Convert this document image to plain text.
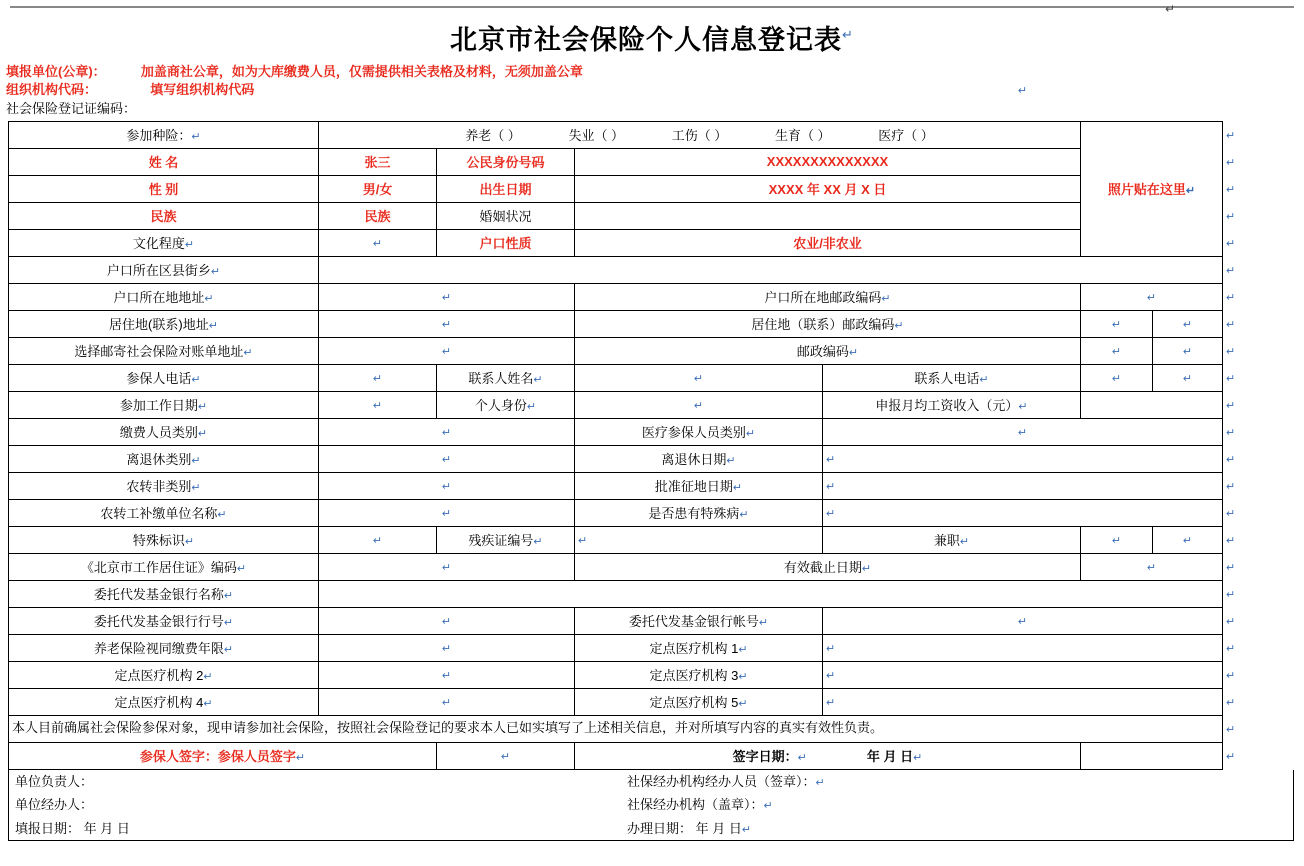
↵
北京市社会保险个人信息登记表↵
填报单位(公章)：	加盖商社公章，如为大库缴费人员，仅需提供相关表格及材料，无须加盖公章
组织机构代码：	填写组织机构代码	↵
社会保险登记证编码：
参加种险：↵	养老（ ） 失业（ ） 工伤（ ） 生育（ ） 医疗（ ）				照片贴在这里↵		↵
姓 名	张三	公民身份号码	XXXXXXXXXXXXXX				↵
性 别	男/女	出生日期	XXXX 年 XX 月 X 日				↵
民族	民族	婚姻状况					↵
文化程度↵	↵	户口性质	农业/非农业				↵
户口所在区县街乡↵							↵
户口所在地地址↵	↵		户口所在地邮政编码↵		↵		↵
居住地(联系)地址↵	↵		居住地（联系）邮政编码↵		↵	↵	↵
选择邮寄社会保险对账单地址↵	↵		邮政编码↵		↵	↵	↵
参保人电话↵	↵	联系人姓名↵	↵	联系人电话↵	↵	↵	↵
参加工作日期↵	↵	个人身份↵	↵	申报月均工资收入（元）↵			↵
缴费人员类别↵	↵		医疗参保人员类别↵	↵			↵
离退休类别↵	↵		离退休日期↵	↵			↵
农转非类别↵	↵		批准征地日期↵	↵			↵
农转工补缴单位名称↵	↵		是否患有特殊病↵	↵			↵
特殊标识↵	↵	残疾证编号↵	↵	兼职↵	↵	↵	↵
《北京市工作居住证》编码↵	↵		有效截止日期↵		↵		↵
委托代发基金银行名称↵							↵
委托代发基金银行行号↵	↵		委托代发基金银行帐号↵	↵			↵
养老保险视同缴费年限↵	↵		定点医疗机构 1↵	↵			↵
定点医疗机构 2↵	↵		定点医疗机构 3↵	↵			↵
定点医疗机构 4↵	↵		定点医疗机构 5↵	↵			↵
本人目前确属社会保险参保对象，现申请参加社会保险，按照社会保险登记的要求本人已如实填写了上述相关信息，并对所填写内容的真实有效性负责。							↵
参保人签字：参保人员签字↵		↵	签字日期：↵ 年 月 日↵				↵
单位负责人：	社保经办机构经办人员（签章）：↵
单位经办人：	社保经办机构（盖章）：↵
填报日期： 年 月 日	办理日期： 年 月 日↵
